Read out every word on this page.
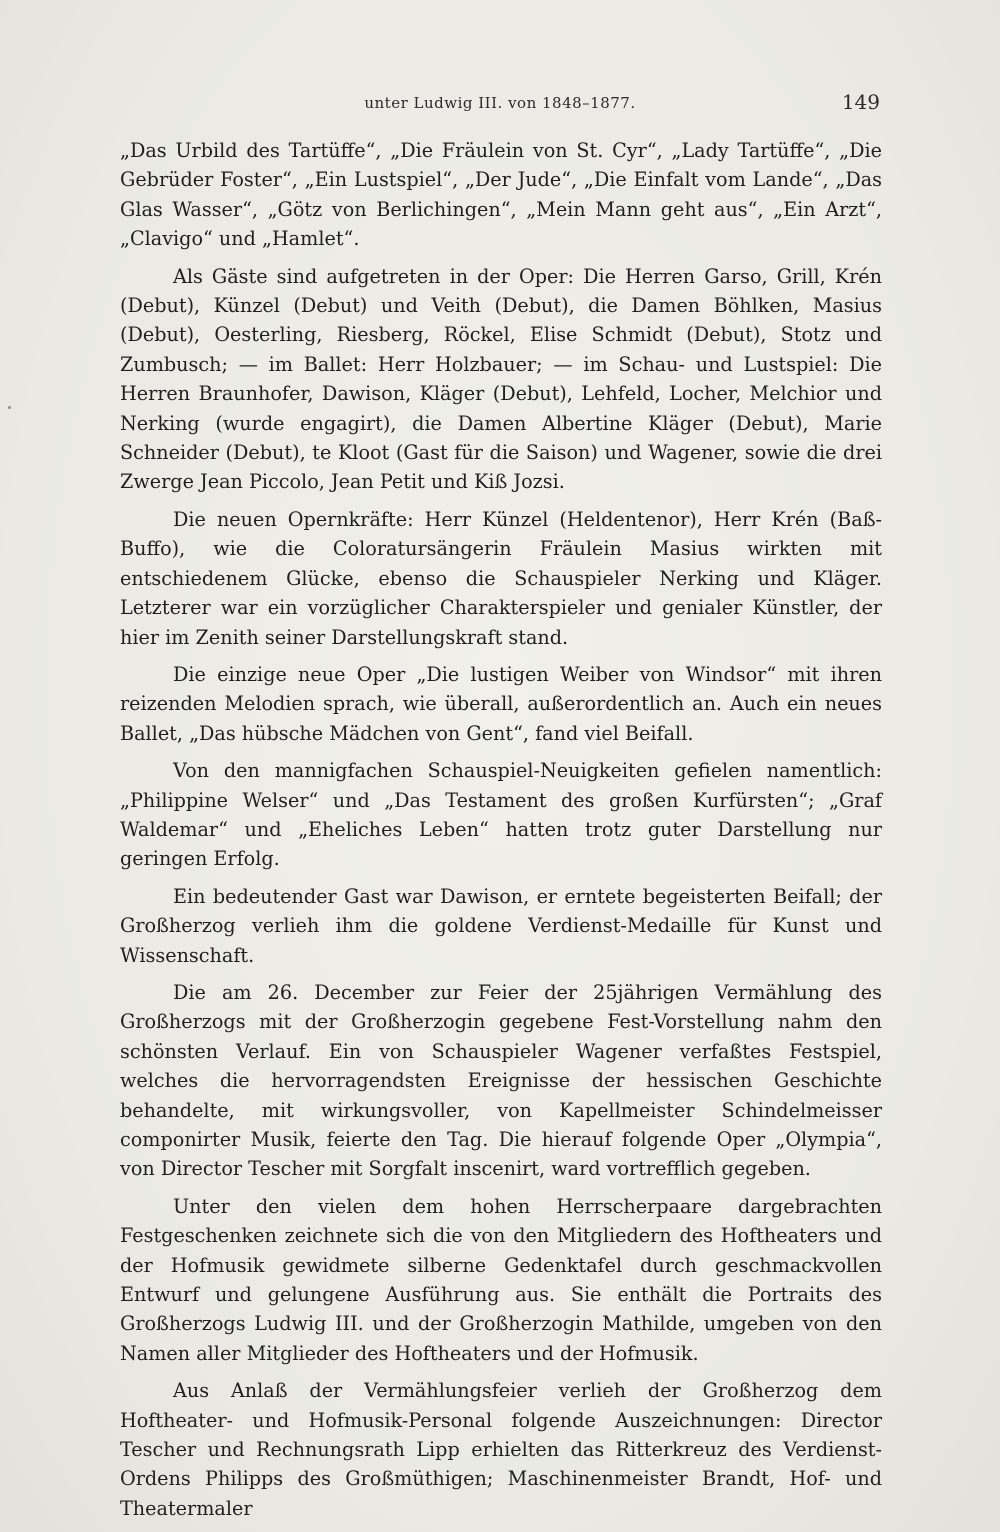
unter Ludwig III. von 1848–1877.	149

„Das Urbild des Tartüffe“, „Die Fräulein von St. Cyr“, „Lady Tartüffe“, „Die Gebrüder Foster“, „Ein Lustspiel“, „Der Jude“, „Die Einfalt vom Lande“, „Das Glas Wasser“, „Götz von Berlichingen“, „Mein Mann geht aus“, „Ein Arzt“, „Clavigo“ und „Hamlet“.

Als Gäste sind aufgetreten in der Oper: Die Herren Garso, Grill, Krén (Debut), Künzel (Debut) und Veith (Debut), die Damen Böhlken, Masius (Debut), Oesterling, Riesberg, Röckel, Elise Schmidt (Debut), Stotz und Zumbusch; — im Ballet: Herr Holzbauer; — im Schau- und Lustspiel: Die Herren Braunhofer, Dawison, Kläger (Debut), Lehfeld, Locher, Melchior und Nerking (wurde engagirt), die Damen Albertine Kläger (Debut), Marie Schneider (Debut), te Kloot (Gast für die Saison) und Wagener, sowie die drei Zwerge Jean Piccolo, Jean Petit und Kiß Jozsi.

Die neuen Opernkräfte: Herr Künzel (Heldentenor), Herr Krén (Baß-Buffo), wie die Coloratursängerin Fräulein Masius wirkten mit entschiedenem Glücke, ebenso die Schauspieler Nerking und Kläger. Letzterer war ein vorzüglicher Charakterspieler und genialer Künstler, der hier im Zenith seiner Darstellungskraft stand.

Die einzige neue Oper „Die lustigen Weiber von Windsor“ mit ihren reizenden Melodien sprach, wie überall, außerordentlich an. Auch ein neues Ballet, „Das hübsche Mädchen von Gent“, fand viel Beifall.

Von den mannigfachen Schauspiel-Neuigkeiten gefielen namentlich: „Philippine Welser“ und „Das Testament des großen Kurfürsten“; „Graf Waldemar“ und „Eheliches Leben“ hatten trotz guter Darstellung nur geringen Erfolg.

Ein bedeutender Gast war Dawison, er erntete begeisterten Beifall; der Großherzog verlieh ihm die goldene Verdienst-Medaille für Kunst und Wissenschaft.

Die am 26. December zur Feier der 25jährigen Vermählung des Großherzogs mit der Großherzogin gegebene Fest-Vorstellung nahm den schönsten Verlauf. Ein von Schauspieler Wagener verfaßtes Festspiel, welches die hervorragendsten Ereignisse der hessischen Geschichte behandelte, mit wirkungsvoller, von Kapellmeister Schindelmeisser componirter Musik, feierte den Tag. Die hierauf folgende Oper „Olympia“, von Director Tescher mit Sorgfalt inscenirt, ward vortrefflich gegeben.

Unter den vielen dem hohen Herrscherpaare dargebrachten Festgeschenken zeichnete sich die von den Mitgliedern des Hoftheaters und der Hofmusik gewidmete silberne Gedenktafel durch geschmackvollen Entwurf und gelungene Ausführung aus. Sie enthält die Portraits des Großherzogs Ludwig III. und der Großherzogin Mathilde, umgeben von den Namen aller Mitglieder des Hoftheaters und der Hofmusik.

Aus Anlaß der Vermählungsfeier verlieh der Großherzog dem Hoftheater- und Hofmusik-Personal folgende Auszeichnungen: Director Tescher und Rechnungsrath Lipp erhielten das Ritterkreuz des Verdienst-Ordens Philipps des Großmüthigen; Maschinenmeister Brandt, Hof- und Theatermaler
